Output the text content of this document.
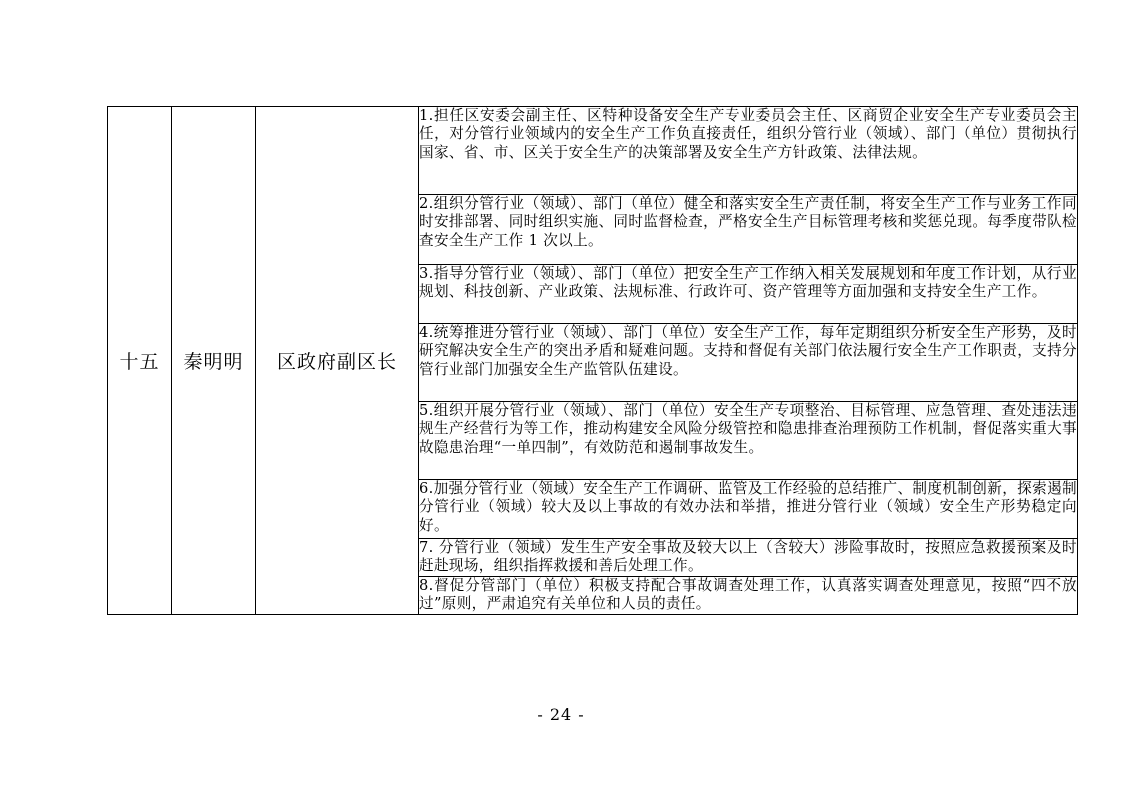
十五	秦明明	区政府副区长	1.担任区安委会副主任、区特种设备安全生产专业委员会主任、区商贸企业安全生产专业委员会主任，对分管行业领域内的安全生产工作负直接责任，组织分管行业（领域）、部门（单位）贯彻执行国家、省、市、区关于安全生产的决策部署及安全生产方针政策、法律法规。
2.组织分管行业（领域）、部门（单位）健全和落实安全生产责任制，将安全生产工作与业务工作同时安排部署、同时组织实施、同时监督检查，严格安全生产目标管理考核和奖惩兑现。每季度带队检查安全生产工作 1 次以上。
3.指导分管行业（领域）、部门（单位）把安全生产工作纳入相关发展规划和年度工作计划，从行业规划、科技创新、产业政策、法规标准、行政许可、资产管理等方面加强和支持安全生产工作。
4.统筹推进分管行业（领域）、部门（单位）安全生产工作，每年定期组织分析安全生产形势，及时研究解决安全生产的突出矛盾和疑难问题。支持和督促有关部门依法履行安全生产工作职责，支持分管行业部门加强安全生产监管队伍建设。
5.组织开展分管行业（领域）、部门（单位）安全生产专项整治、目标管理、应急管理、查处违法违规生产经营行为等工作，推动构建安全风险分级管控和隐患排查治理预防工作机制，督促落实重大事故隐患治理“一单四制”，有效防范和遏制事故发生。
6.加强分管行业（领域）安全生产工作调研、监管及工作经验的总结推广、制度机制创新，探索遏制分管行业（领域）较大及以上事故的有效办法和举措，推进分管行业（领域）安全生产形势稳定向好。
7. 分管行业（领域）发生生产安全事故及较大以上（含较大）涉险事故时，按照应急救援预案及时赶赴现场，组织指挥救援和善后处理工作。
8.督促分管部门（单位）积极支持配合事故调查处理工作，认真落实调查处理意见，按照“四不放过”原则，严肃追究有关单位和人员的责任。
- 24 -
